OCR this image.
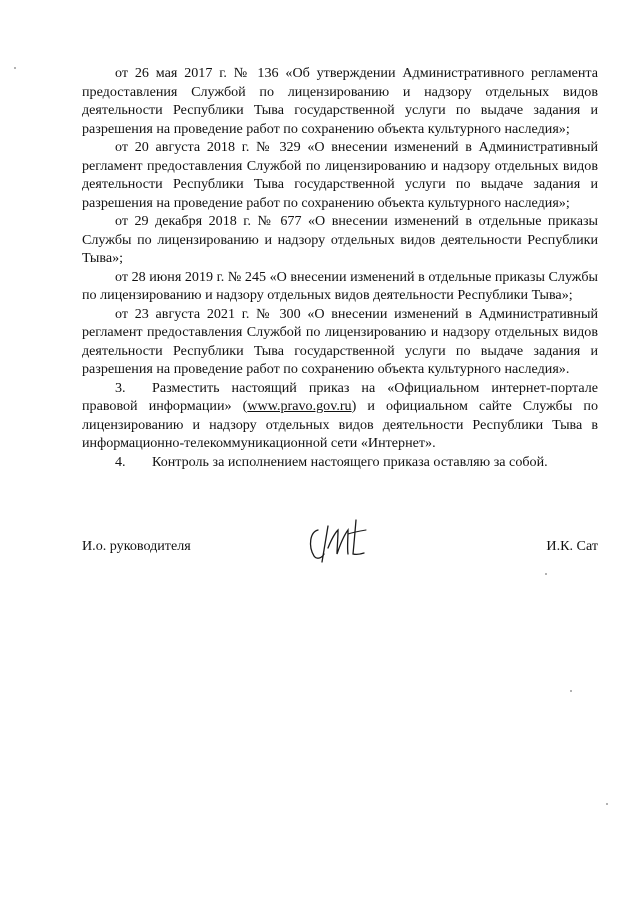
от 26 мая 2017 г. № 136 «Об утверждении Административного регламента предоставления Службой по лицензированию и надзору отдельных видов деятельности Республики Тыва государственной услуги по выдаче задания и разрешения на проведение работ по сохранению объекта культурного наследия»;

от 20 августа 2018 г. № 329 «О внесении изменений в Административный регламент предоставления Службой по лицензированию и надзору отдельных видов деятельности Республики Тыва государственной услуги по выдаче задания и разрешения на проведение работ по сохранению объекта культурного наследия»;

от 29 декабря 2018 г. № 677 «О внесении изменений в отдельные приказы Службы по лицензированию и надзору отдельных видов деятельности Республики Тыва»;

от 28 июня 2019 г. № 245 «О внесении изменений в отдельные приказы Службы по лицензированию и надзору отдельных видов деятельности Республики Тыва»;

от 23 августа 2021 г. № 300 «О внесении изменений в Административный регламент предоставления Службой по лицензированию и надзору отдельных видов деятельности Республики Тыва государственной услуги по выдаче задания и разрешения на проведение работ по сохранению объекта культурного наследия».

3. Разместить настоящий приказ на «Официальном интернет-портале правовой информации» (www.pravo.gov.ru) и официальном сайте Службы по лицензированию и надзору отдельных видов деятельности Республики Тыва в информационно-телекоммуникационной сети «Интернет».

4. Контроль за исполнением настоящего приказа оставляю за собой.

И.о. руководителя	И.К. Сат
